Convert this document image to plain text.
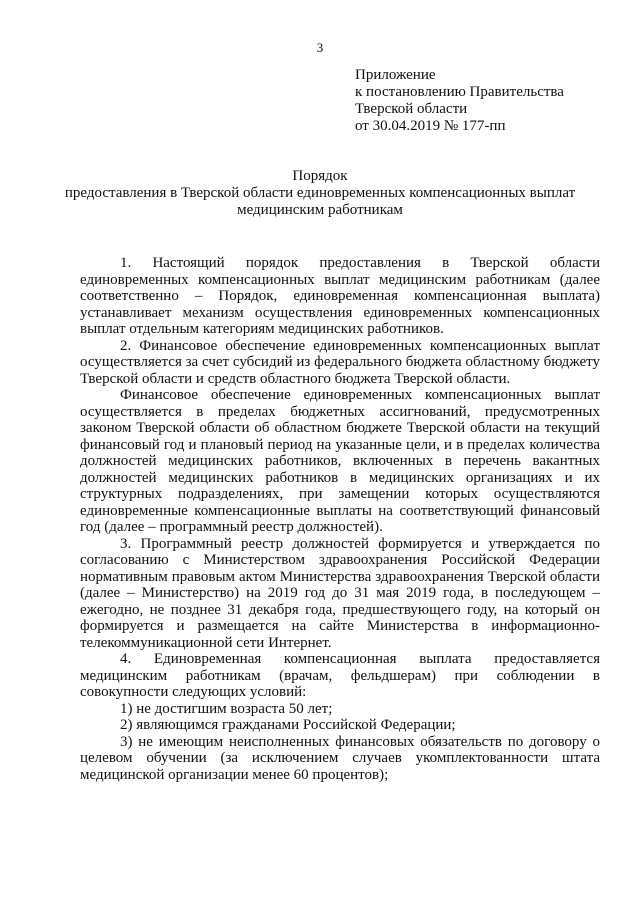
3
Приложение
к постановлению Правительства
Тверской области
от 30.04.2019 № 177-пп
Порядок
предоставления в Тверской области единовременных компенсационных выплат
медицинским работникам

1. Настоящий порядок предоставления в Тверской области единовременных компенсационных выплат медицинским работникам (далее соответственно – Порядок, единовременная компенсационная выплата) устанавливает механизм осуществления единовременных компенсационных выплат отдельным категориям медицинских работников.

2. Финансовое обеспечение единовременных компенсационных выплат осуществляется за счет субсидий из федерального бюджета областному бюджету Тверской области и средств областного бюджета Тверской области.

Финансовое обеспечение единовременных компенсационных выплат осуществляется в пределах бюджетных ассигнований, предусмотренных законом Тверской области об областном бюджете Тверской области на текущий финансовый год и плановый период на указанные цели, и в пределах количества должностей медицинских работников, включенных в перечень вакантных должностей медицинских работников в медицинских организациях и их структурных подразделениях, при замещении которых осуществляются единовременные компенсационные выплаты на соответствующий финансовый год (далее – программный реестр должностей).

3. Программный реестр должностей формируется и утверждается по согласованию с Министерством здравоохранения Российской Федерации нормативным правовым актом Министерства здравоохранения Тверской области (далее – Министерство) на 2019 год до 31 мая 2019 года, в последующем – ежегодно, не позднее 31 декабря года, предшествующего году, на который он формируется и размещается на сайте Министерства в информационно-телекоммуникационной сети Интернет.

4. Единовременная компенсационная выплата предоставляется медицинским работникам (врачам, фельдшерам) при соблюдении в совокупности следующих условий:

1) не достигшим возраста 50 лет;

2) являющимся гражданами Российской Федерации;

3) не имеющим неисполненных финансовых обязательств по договору о целевом обучении (за исключением случаев укомплектованности штата медицинской организации менее 60 процентов);
